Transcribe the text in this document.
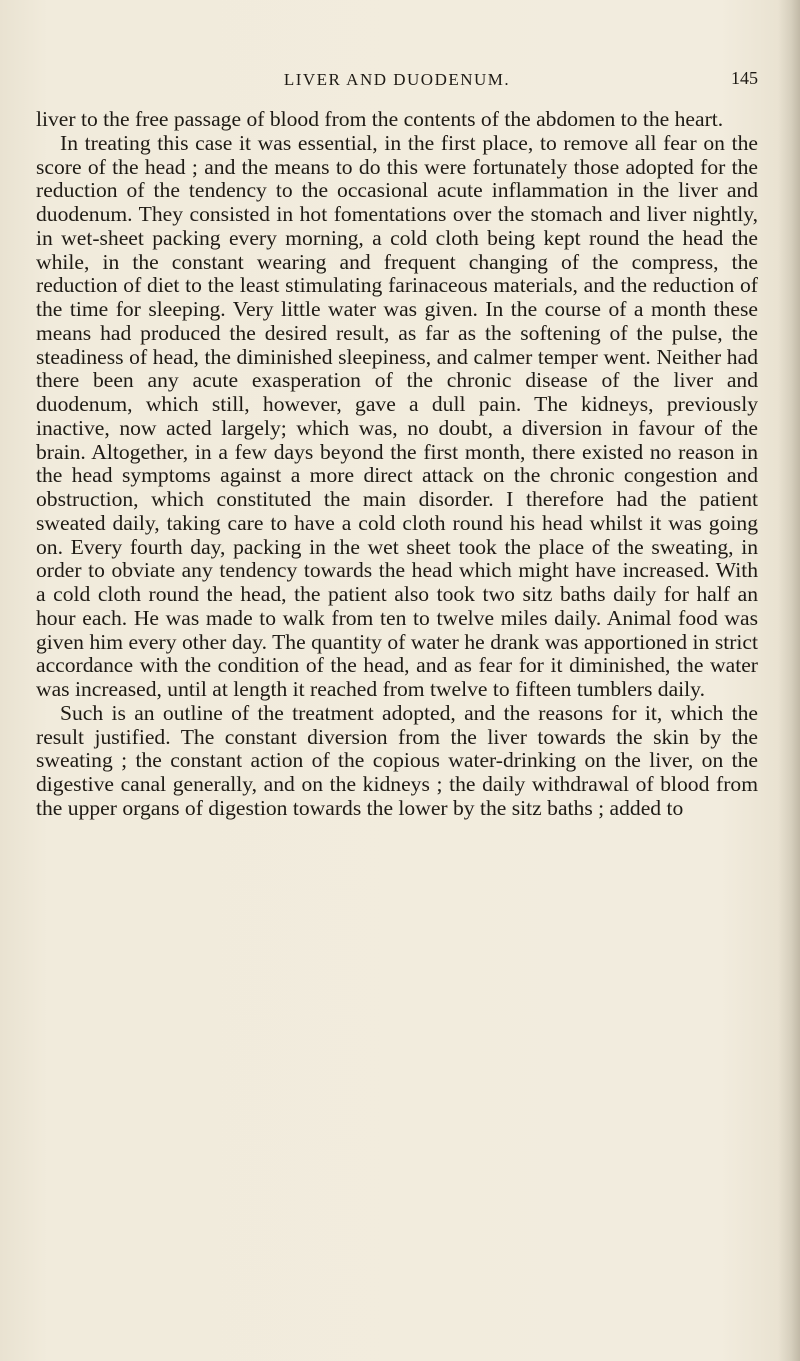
LIVER AND DUODENUM.	145

liver to the free passage of blood from the contents of the abdomen to the heart.

In treating this case it was essential, in the first place, to remove all fear on the score of the head ; and the means to do this were fortunately those adopted for the reduction of the tendency to the occasional acute inflammation in the liver and duodenum. They consisted in hot fomentations over the stomach and liver nightly, in wet-sheet packing every morning, a cold cloth being kept round the head the while, in the constant wearing and frequent changing of the compress, the reduction of diet to the least stimulating farinaceous materials, and the reduction of the time for sleeping. Very little water was given. In the course of a month these means had produced the desired result, as far as the softening of the pulse, the steadiness of head, the diminished sleepiness, and calmer temper went. Neither had there been any acute exasperation of the chronic disease of the liver and duodenum, which still, however, gave a dull pain. The kidneys, previously inactive, now acted largely; which was, no doubt, a diversion in favour of the brain. Altogether, in a few days beyond the first month, there existed no reason in the head symptoms against a more direct attack on the chronic congestion and obstruction, which constituted the main disorder. I therefore had the patient sweated daily, taking care to have a cold cloth round his head whilst it was going on. Every fourth day, packing in the wet sheet took the place of the sweating, in order to obviate any tendency towards the head which might have increased. With a cold cloth round the head, the patient also took two sitz baths daily for half an hour each. He was made to walk from ten to twelve miles daily. Animal food was given him every other day. The quantity of water he drank was apportioned in strict accordance with the condition of the head, and as fear for it diminished, the water was increased, until at length it reached from twelve to fifteen tumblers daily.

Such is an outline of the treatment adopted, and the reasons for it, which the result justified. The constant diversion from the liver towards the skin by the sweating ; the constant action of the copious water-drinking on the liver, on the digestive canal generally, and on the kidneys ; the daily withdrawal of blood from the upper organs of digestion towards the lower by the sitz baths ; added to
